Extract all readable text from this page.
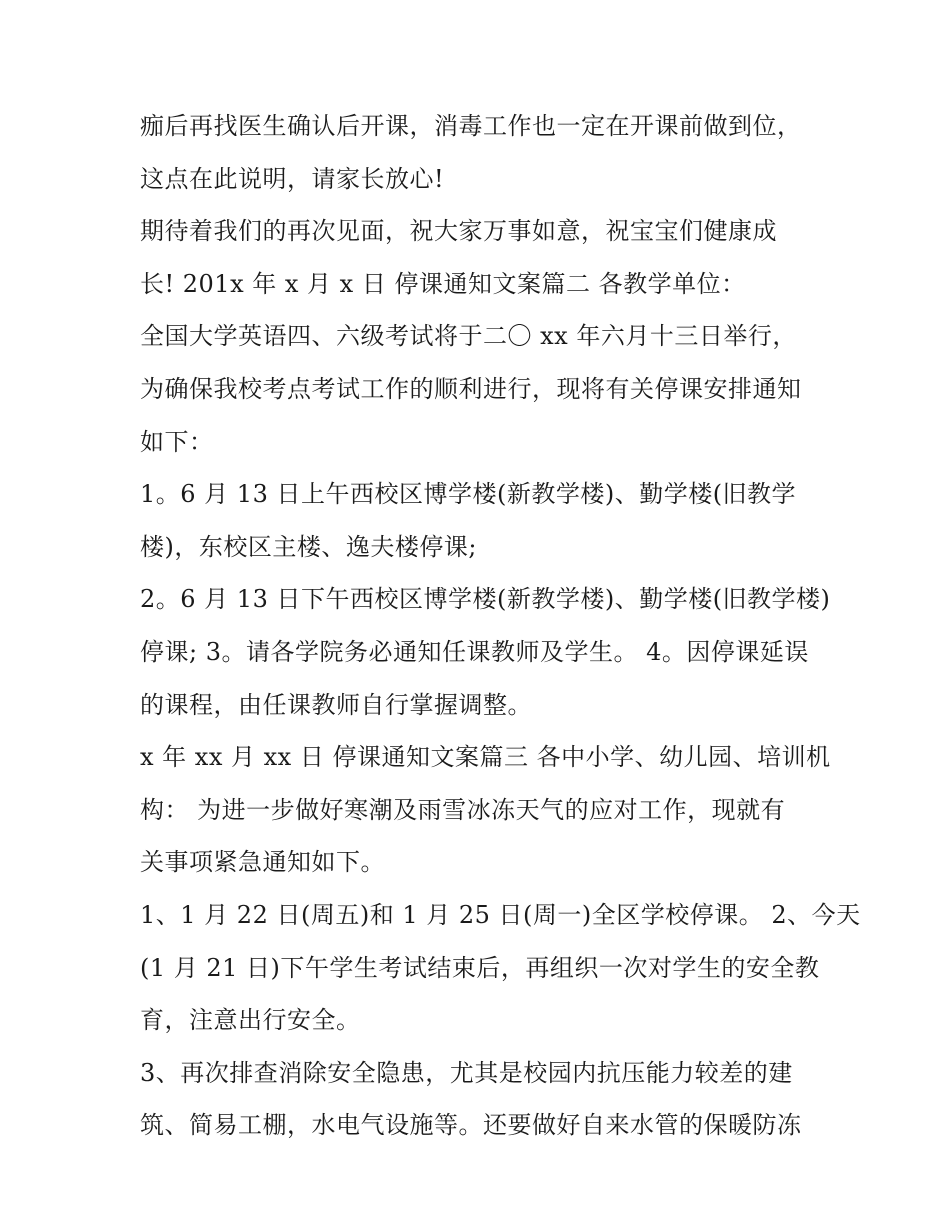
痂后再找医生确认后开课，消毒工作也一定在开课前做到位，
这点在此说明，请家长放心!
期待着我们的再次见面，祝大家万事如意，祝宝宝们健康成
长! 201x 年 x 月 x 日 停课通知文案篇二 各教学单位：
全国大学英语四、六级考试将于二〇 xx 年六月十三日举行，
为确保我校考点考试工作的顺利进行，现将有关停课安排通知
如下：
1。6 月 13 日上午西校区博学楼(新教学楼)、勤学楼(旧教学
楼)，东校区主楼、逸夫楼停课;
2。6 月 13 日下午西校区博学楼(新教学楼)、勤学楼(旧教学楼)
停课; 3。请各学院务必通知任课教师及学生。 4。因停课延误
的课程，由任课教师自行掌握调整。
x 年 xx 月 xx 日 停课通知文案篇三 各中小学、幼儿园、培训机
构： 为进一步做好寒潮及雨雪冰冻天气的应对工作，现就有
关事项紧急通知如下。
1、1 月 22 日(周五)和 1 月 25 日(周一)全区学校停课。 2、今天
(1 月 21 日)下午学生考试结束后，再组织一次对学生的安全教
育，注意出行安全。
3、再次排查消除安全隐患，尤其是校园内抗压能力较差的建
筑、简易工棚，水电气设施等。还要做好自来水管的保暖防冻
